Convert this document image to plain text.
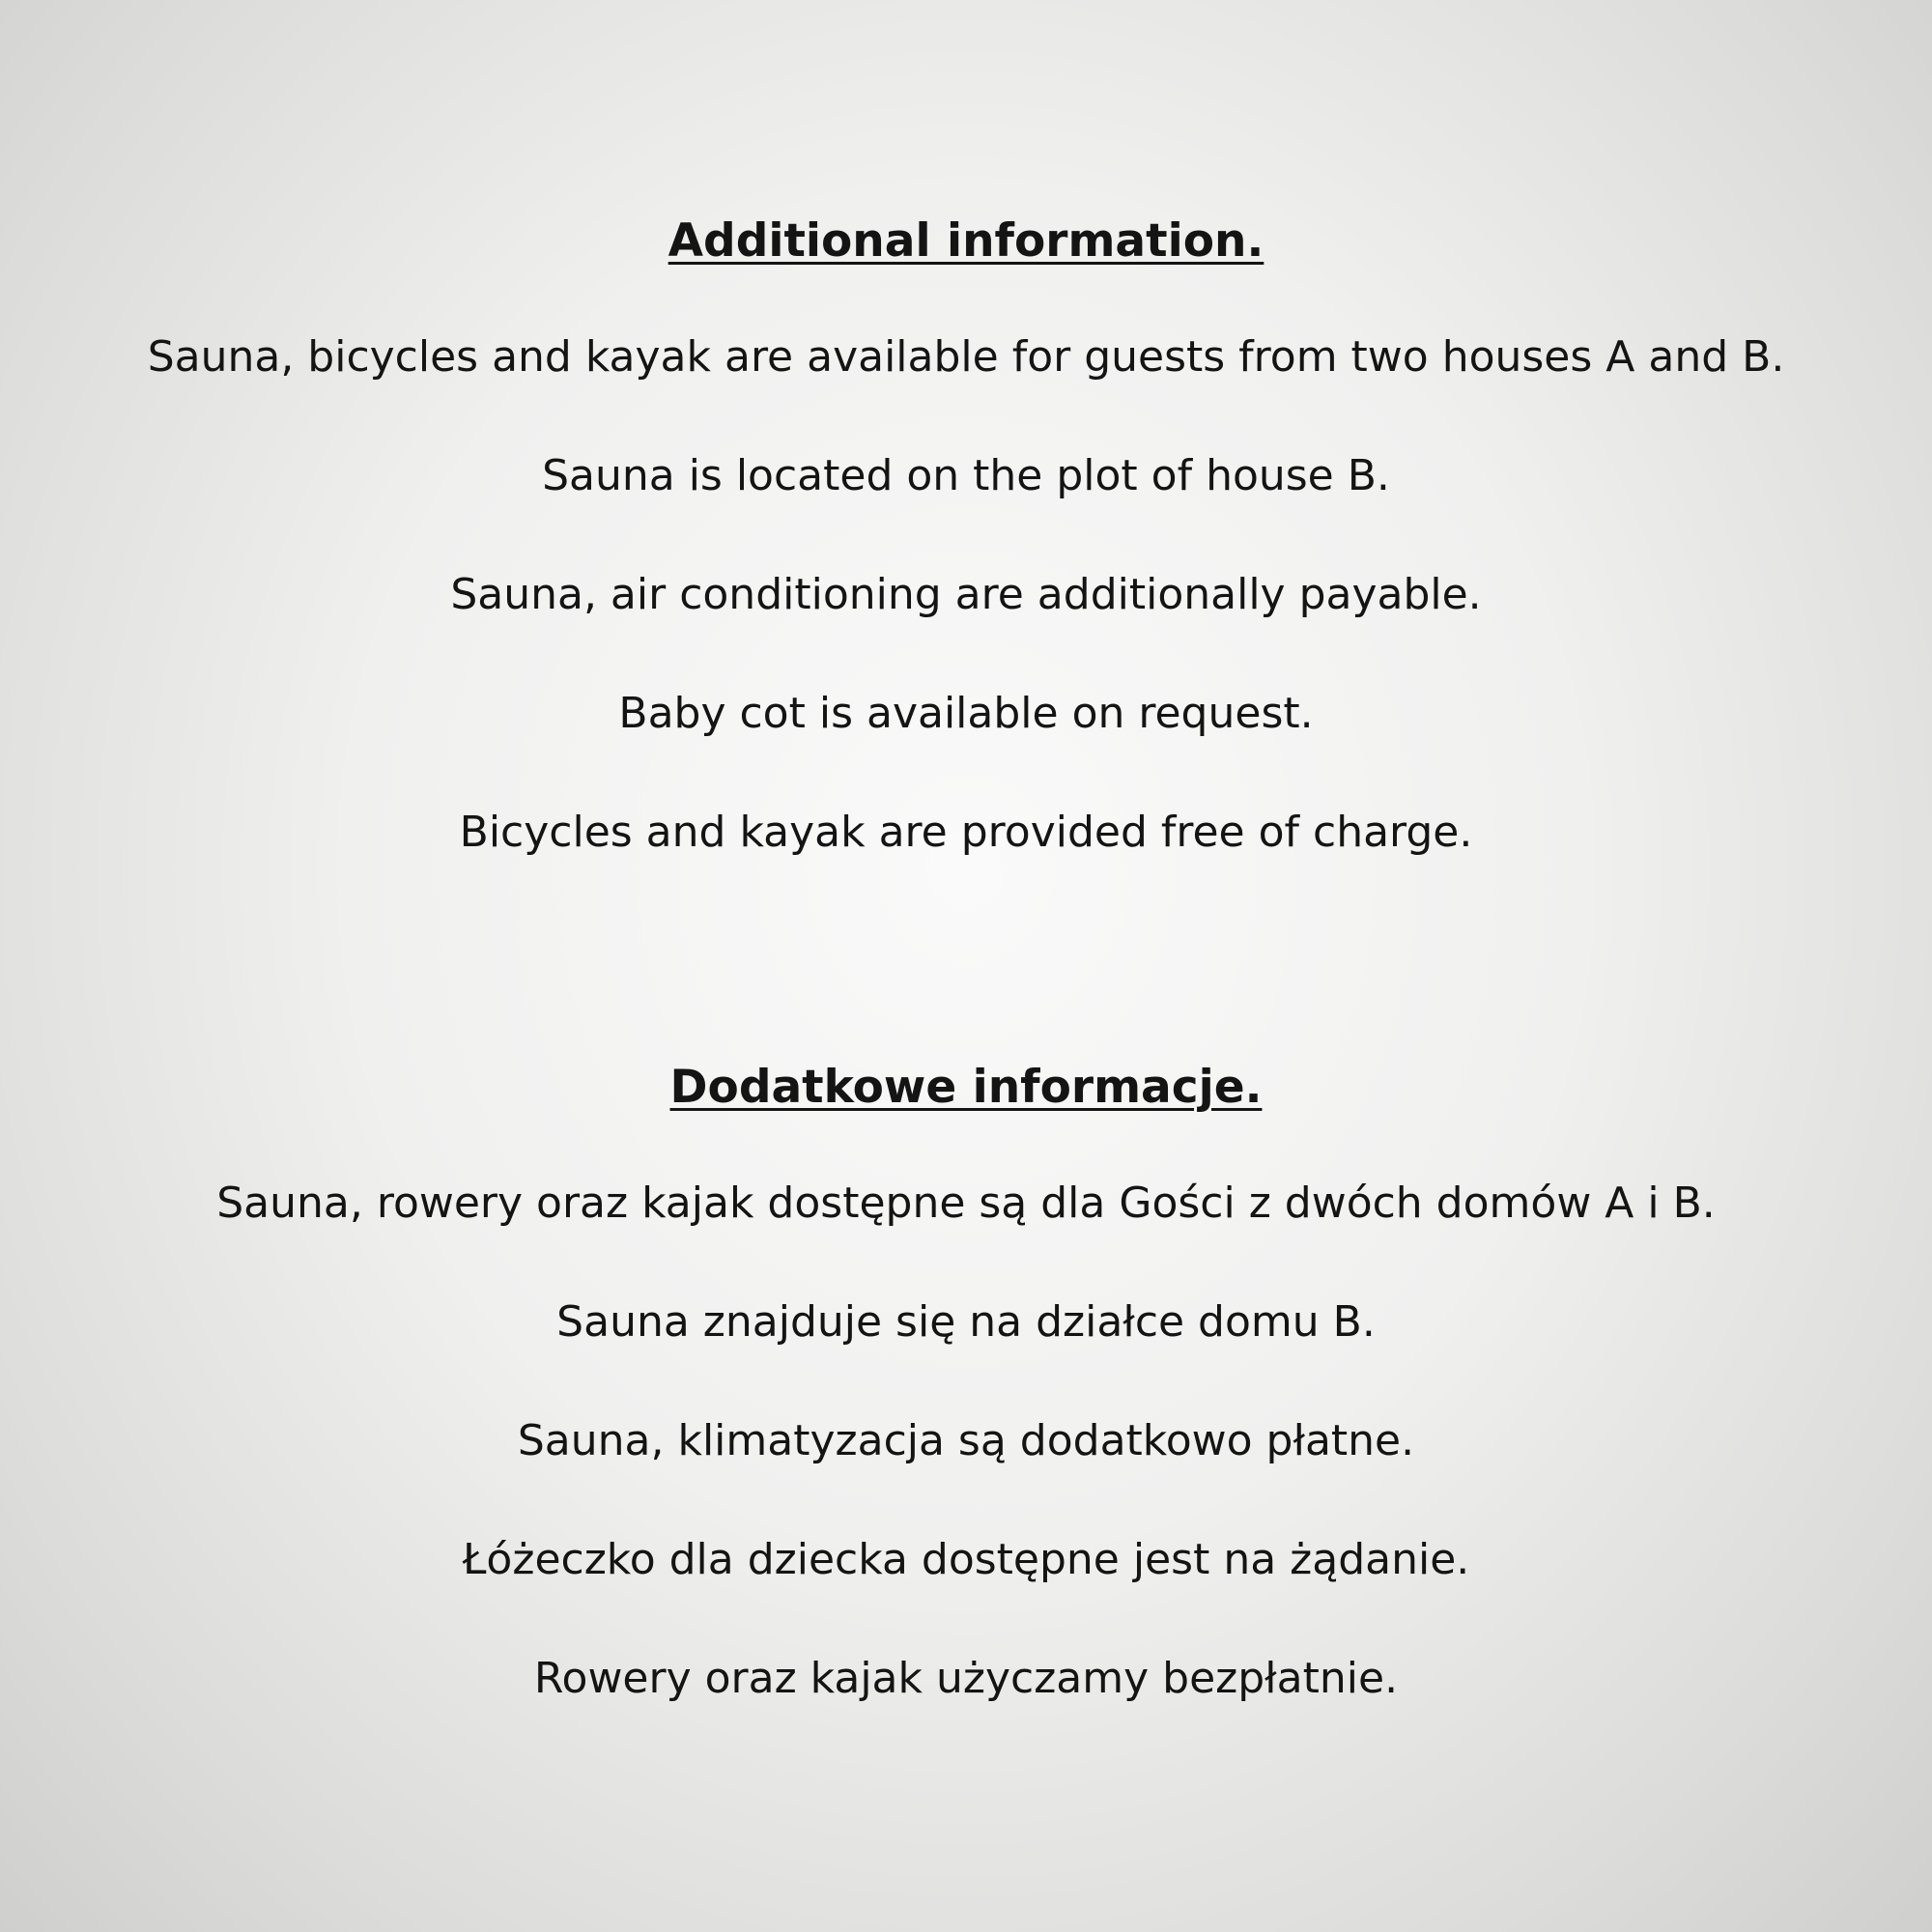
Additional information.

Sauna, bicycles and kayak are available for guests from two houses A and B.

Sauna is located on the plot of house B.

Sauna, air conditioning are additionally payable.

Baby cot is available on request.

Bicycles and kayak are provided free of charge.

Dodatkowe informacje.

Sauna, rowery oraz kajak dostępne są dla Gości z dwóch domów A i B.

Sauna znajduje się na działce domu B.

Sauna, klimatyzacja są dodatkowo płatne.

Łóżeczko dla dziecka dostępne jest na żądanie.

Rowery oraz kajak użyczamy bezpłatnie.
